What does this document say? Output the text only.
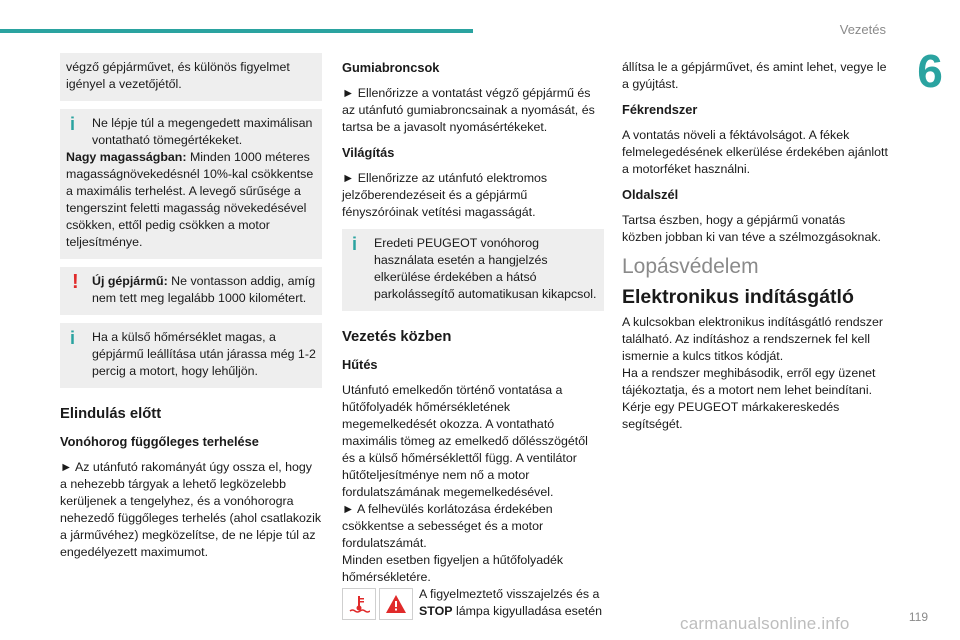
Vezetés
6
végző gépjárművet, és különös figyelmet igényel a vezetőjétől.
i	Ne lépje túl a megengedett maximálisan vontatható tömegértékeket.
Nagy magasságban: Minden 1000 méteres magasságnövekedésnél 10%-kal csökkentse a maximális terhelést. A levegő sűrűsége a tengerszint feletti magasság növekedésével csökken, ettől pedig csökken a motor teljesítménye.
!	Új gépjármű: Ne vontasson addig, amíg nem tett meg legalább 1000 kilométert.
i	Ha a külső hőmérséklet magas, a gépjármű leállítása után járassa még 1-2 percig a motort, hogy lehűljön.
Elindulás előtt
Vonóhorog függőleges terhelése

► Az utánfutó rakományát úgy ossza el, hogy a nehezebb tárgyak a lehető legközelebb kerüljenek a tengelyhez, és a vonóhorogra nehezedő függőleges terhelés (ahol csatlakozik a járművéhez) megközelítse, de ne lépje túl az engedélyezett maximumot.

Gumiabroncsok

► Ellenőrizze a vontatást végző gépjármű és az utánfutó gumiabroncsainak a nyomását, és tartsa be a javasolt nyomásértékeket.

Világítás

► Ellenőrizze az utánfutó elektromos jelzőberendezéseit és a gépjármű fényszóróinak vetítési magasságát.

i	Eredeti PEUGEOT vonóhorog használata esetén a hangjelzés elkerülése érdekében a hátsó parkolássegítő automatikusan kikapcsol.
Vezetés közben
Hűtés

Utánfutó emelkedőn történő vontatása a hűtőfolyadék hőmérsékletének megemelkedését okozza. A vontatható maximális tömeg az emelkedő dőlésszögétől és a külső hőmérséklettől függ. A ventilátor hűtőteljesítménye nem nő a motor fordulatszámának megemelkedésével.

► A felhevülés korlátozása érdekében csökkentse a sebességet és a motor fordulatszámát.

Minden esetben figyeljen a hűtőfolyadék hőmérsékletére.

A figyelmeztető visszajelzés és a STOP lámpa kigyulladása esetén

állítsa le a gépjárművet, és amint lehet, vegye le a gyújtást.

Fékrendszer

A vontatás növeli a féktávolságot. A fékek felmelegedésének elkerülése érdekében ajánlott a motorféket használni.

Oldalszél

Tartsa észben, hogy a gépjármű vonatás közben jobban ki van téve a szélmozgásoknak.

Lopásvédelem
Elektronikus indításgátló

A kulcsokban elektronikus indításgátló rendszer található. Az indításhoz a rendszernek fel kell ismernie a kulcs titkos kódját.

Ha a rendszer meghibásodik, erről egy üzenet tájékoztatja, és a motort nem lehet beindítani.

Kérje egy PEUGEOT márkakereskedés segítségét.

carmanualsonline.info	119
